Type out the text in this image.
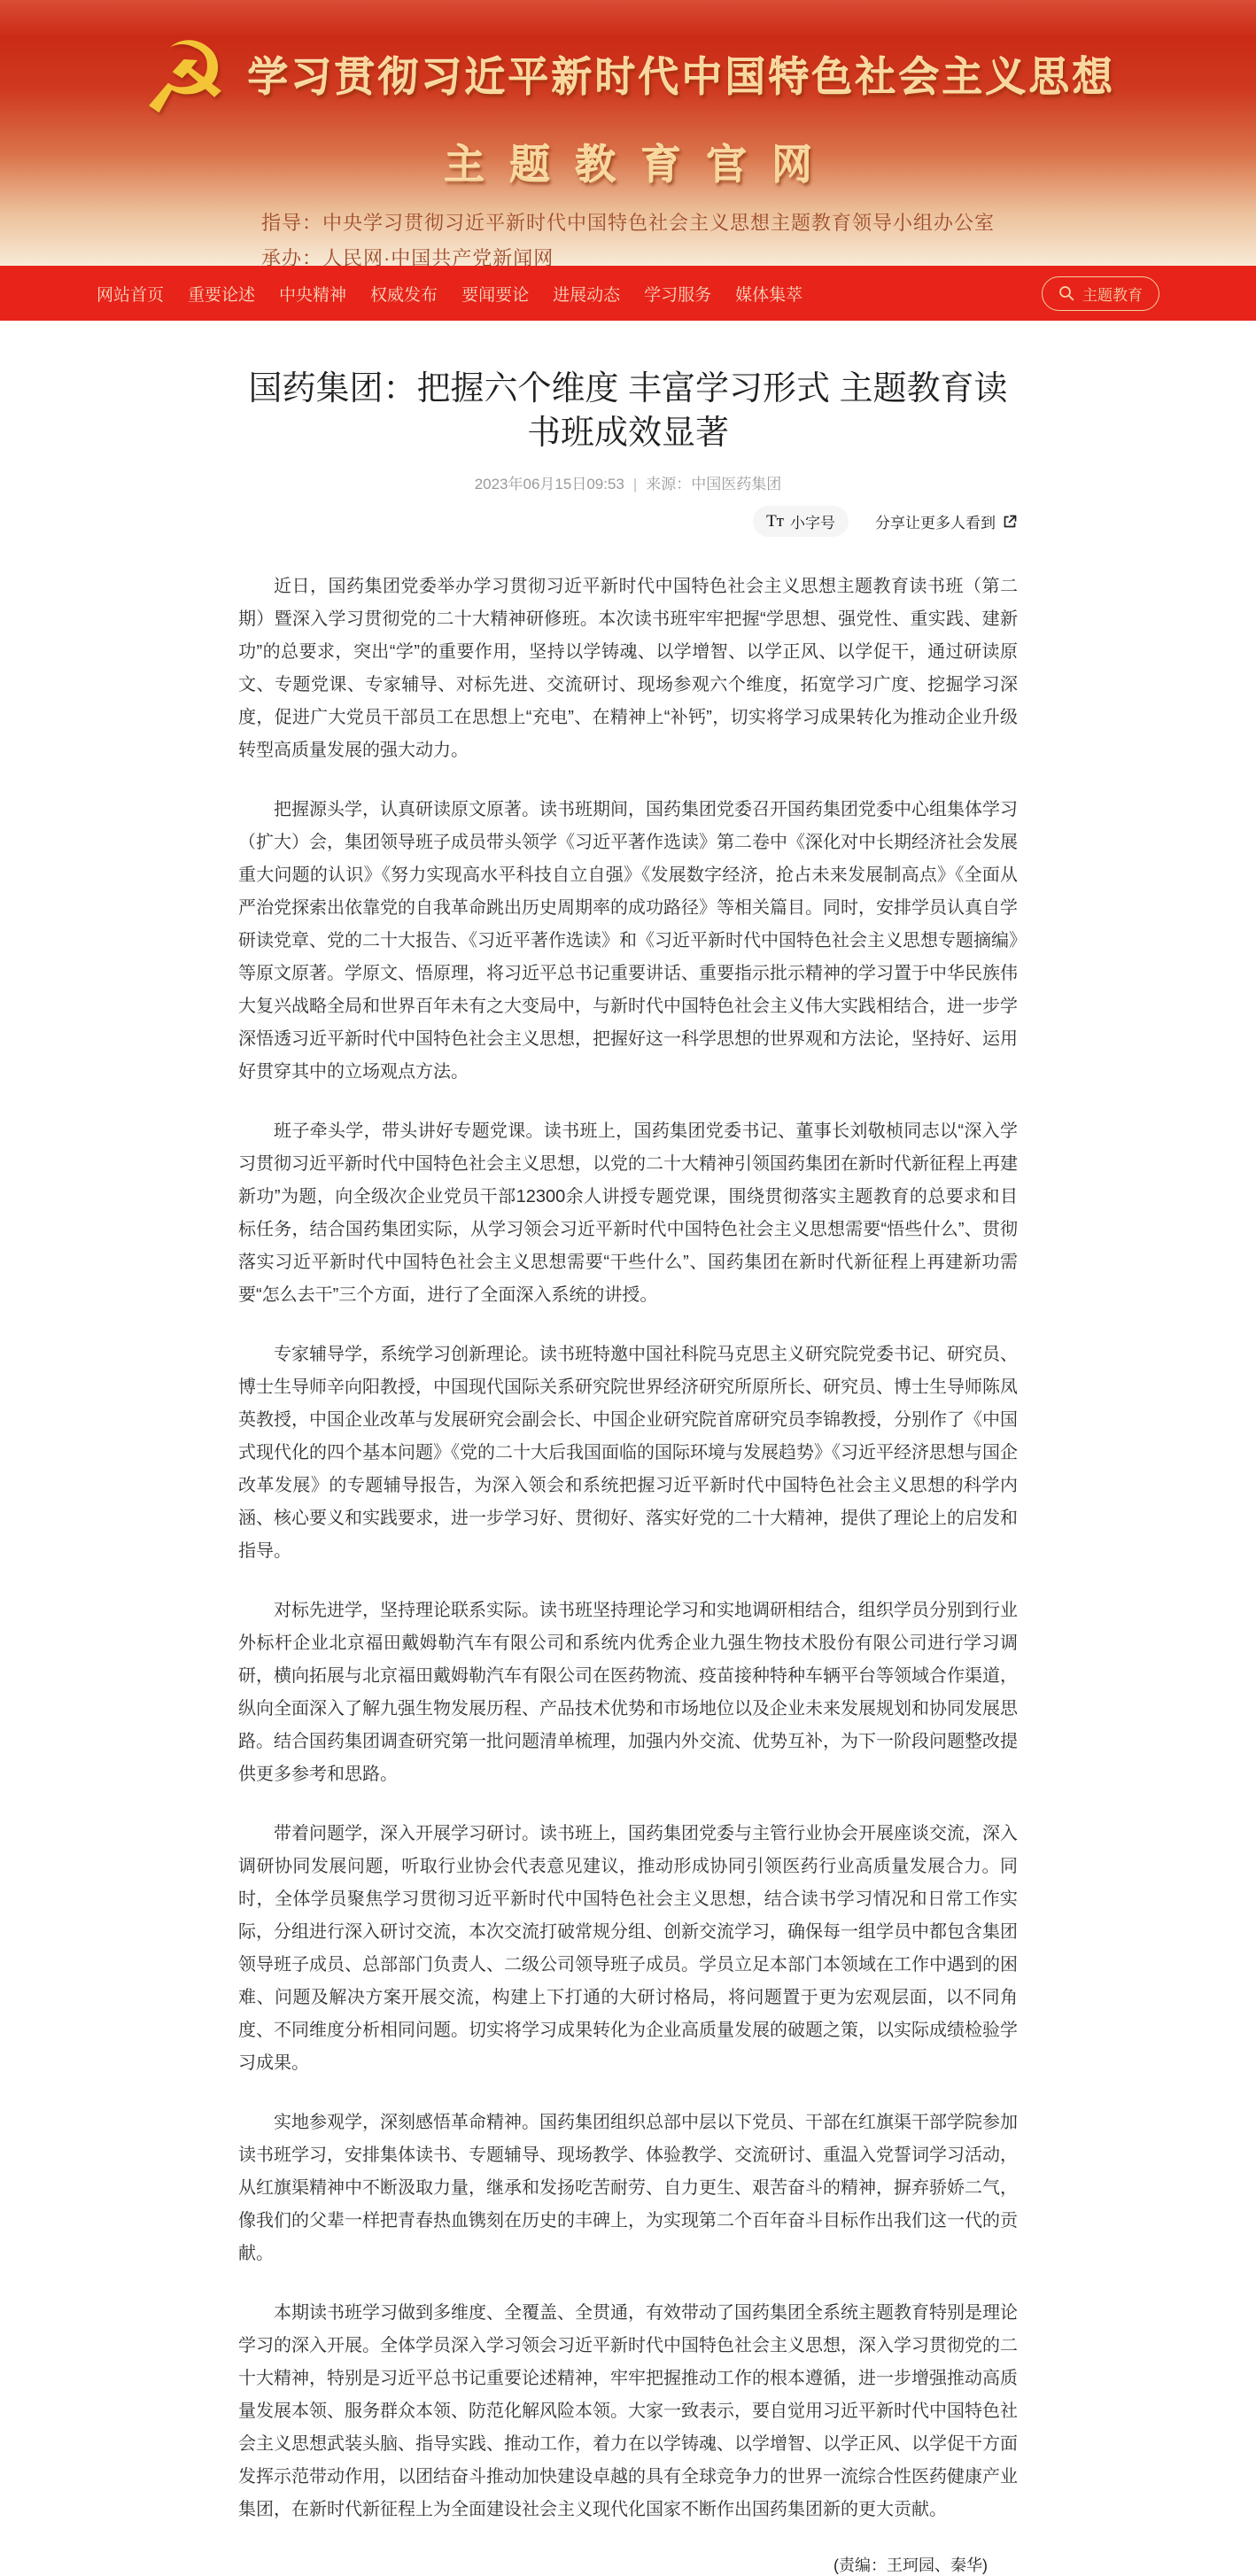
☭ 学习贯彻习近平新时代中国特色社会主义思想
主题教育官网
指导：中央学习贯彻习近平新时代中国特色社会主义思想主题教育领导小组办公室
承办：人民网·中国共产党新闻网
网站首页 重要论述 中央精神 权威发布 要闻要论 进展动态 学习服务 媒体集萃	主题教育
国药集团：把握六个维度 丰富学习形式 主题教育读书班成效显著
2023年06月15日09:53 | 来源：中国医药集团
Tт 小字号	分享让更多人看到

近日，国药集团党委举办学习贯彻习近平新时代中国特色社会主义思想主题教育读书班（第二期）暨深入学习贯彻党的二十大精神研修班。本次读书班牢牢把握“学思想、强党性、重实践、建新功”的总要求，突出“学”的重要作用，坚持以学铸魂、以学增智、以学正风、以学促干，通过研读原文、专题党课、专家辅导、对标先进、交流研讨、现场参观六个维度，拓宽学习广度、挖掘学习深度，促进广大党员干部员工在思想上“充电”、在精神上“补钙”，切实将学习成果转化为推动企业升级转型高质量发展的强大动力。

把握源头学，认真研读原文原著。读书班期间，国药集团党委召开国药集团党委中心组集体学习（扩大）会，集团领导班子成员带头领学《习近平著作选读》第二卷中《深化对中长期经济社会发展重大问题的认识》《努力实现高水平科技自立自强》《发展数字经济，抢占未来发展制高点》《全面从严治党探索出依靠党的自我革命跳出历史周期率的成功路径》等相关篇目。同时，安排学员认真自学研读党章、党的二十大报告、《习近平著作选读》和《习近平新时代中国特色社会主义思想专题摘编》等原文原著。学原文、悟原理，将习近平总书记重要讲话、重要指示批示精神的学习置于中华民族伟大复兴战略全局和世界百年未有之大变局中，与新时代中国特色社会主义伟大实践相结合，进一步学深悟透习近平新时代中国特色社会主义思想，把握好这一科学思想的世界观和方法论，坚持好、运用好贯穿其中的立场观点方法。

班子牵头学，带头讲好专题党课。读书班上，国药集团党委书记、董事长刘敬桢同志以“深入学习贯彻习近平新时代中国特色社会主义思想，以党的二十大精神引领国药集团在新时代新征程上再建新功”为题，向全级次企业党员干部12300余人讲授专题党课，围绕贯彻落实主题教育的总要求和目标任务，结合国药集团实际，从学习领会习近平新时代中国特色社会主义思想需要“悟些什么”、贯彻落实习近平新时代中国特色社会主义思想需要“干些什么”、国药集团在新时代新征程上再建新功需要“怎么去干”三个方面，进行了全面深入系统的讲授。

专家辅导学，系统学习创新理论。读书班特邀中国社科院马克思主义研究院党委书记、研究员、博士生导师辛向阳教授，中国现代国际关系研究院世界经济研究所原所长、研究员、博士生导师陈凤英教授，中国企业改革与发展研究会副会长、中国企业研究院首席研究员李锦教授，分别作了《中国式现代化的四个基本问题》《党的二十大后我国面临的国际环境与发展趋势》《习近平经济思想与国企改革发展》的专题辅导报告，为深入领会和系统把握习近平新时代中国特色社会主义思想的科学内涵、核心要义和实践要求，进一步学习好、贯彻好、落实好党的二十大精神，提供了理论上的启发和指导。

对标先进学，坚持理论联系实际。读书班坚持理论学习和实地调研相结合，组织学员分别到行业外标杆企业北京福田戴姆勒汽车有限公司和系统内优秀企业九强生物技术股份有限公司进行学习调研，横向拓展与北京福田戴姆勒汽车有限公司在医药物流、疫苗接种特种车辆平台等领域合作渠道，纵向全面深入了解九强生物发展历程、产品技术优势和市场地位以及企业未来发展规划和协同发展思路。结合国药集团调查研究第一批问题清单梳理，加强内外交流、优势互补，为下一阶段问题整改提供更多参考和思路。

带着问题学，深入开展学习研讨。读书班上，国药集团党委与主管行业协会开展座谈交流，深入调研协同发展问题，听取行业协会代表意见建议，推动形成协同引领医药行业高质量发展合力。同时，全体学员聚焦学习贯彻习近平新时代中国特色社会主义思想，结合读书学习情况和日常工作实际，分组进行深入研讨交流，本次交流打破常规分组、创新交流学习，确保每一组学员中都包含集团领导班子成员、总部部门负责人、二级公司领导班子成员。学员立足本部门本领域在工作中遇到的困难、问题及解决方案开展交流，构建上下打通的大研讨格局，将问题置于更为宏观层面，以不同角度、不同维度分析相同问题。切实将学习成果转化为企业高质量发展的破题之策，以实际成绩检验学习成果。

实地参观学，深刻感悟革命精神。国药集团组织总部中层以下党员、干部在红旗渠干部学院参加读书班学习，安排集体读书、专题辅导、现场教学、体验教学、交流研讨、重温入党誓词学习活动，从红旗渠精神中不断汲取力量，继承和发扬吃苦耐劳、自力更生、艰苦奋斗的精神，摒弃骄娇二气，像我们的父辈一样把青春热血镌刻在历史的丰碑上，为实现第二个百年奋斗目标作出我们这一代的贡献。

本期读书班学习做到多维度、全覆盖、全贯通，有效带动了国药集团全系统主题教育特别是理论学习的深入开展。全体学员深入学习领会习近平新时代中国特色社会主义思想，深入学习贯彻党的二十大精神，特别是习近平总书记重要论述精神，牢牢把握推动工作的根本遵循，进一步增强推动高质量发展本领、服务群众本领、防范化解风险本领。大家一致表示，要自觉用习近平新时代中国特色社会主义思想武装头脑、指导实践、推动工作，着力在以学铸魂、以学增智、以学正风、以学促干方面发挥示范带动作用，以团结奋斗推动加快建设卓越的具有全球竞争力的世界一流综合性医药健康产业集团，在新时代新征程上为全面建设社会主义现代化国家不断作出国药集团新的更大贡献。

(责编：王珂园、秦华)
